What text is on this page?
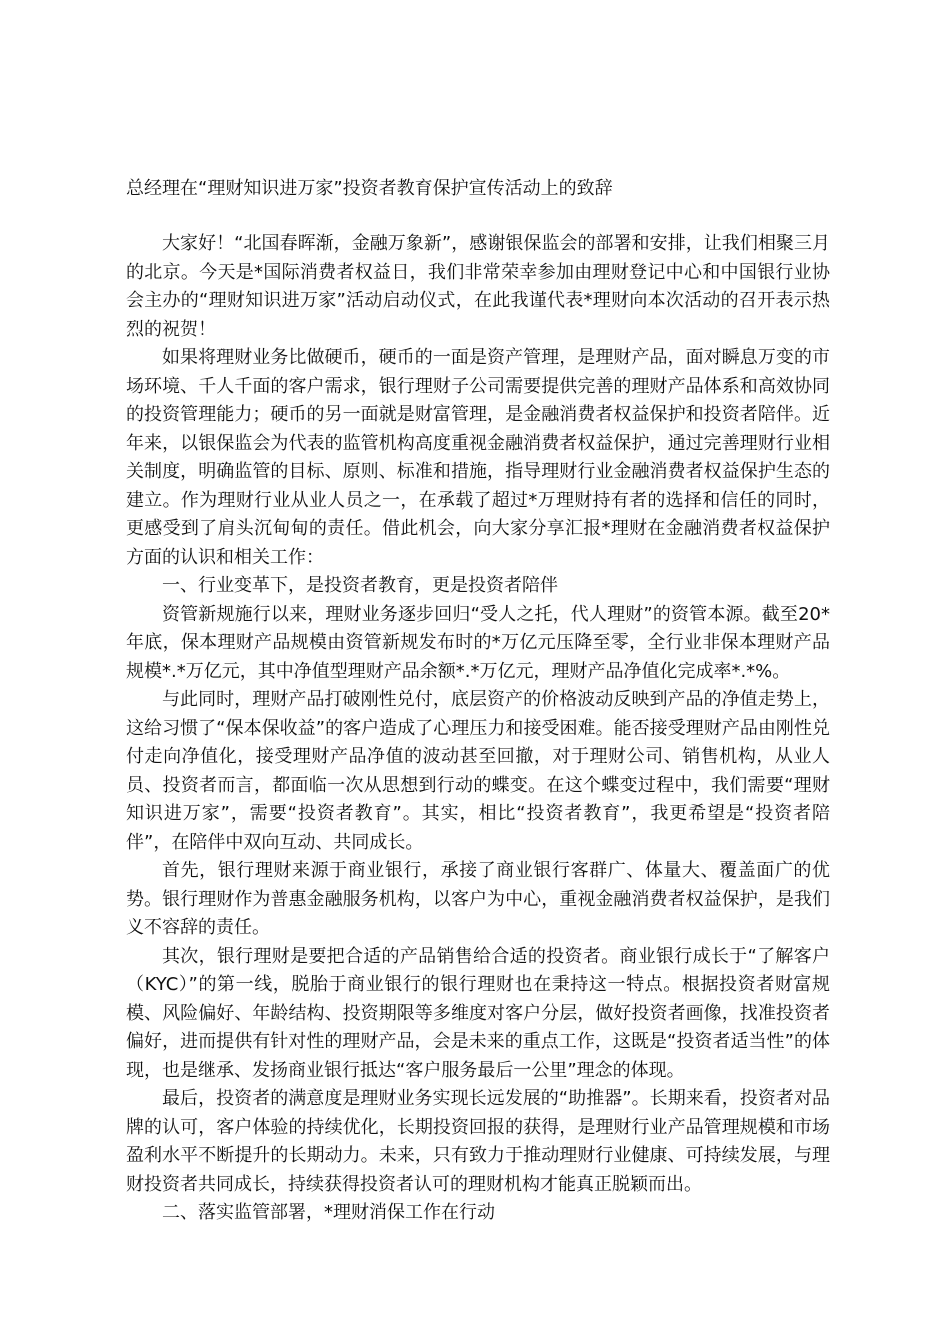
总经理在“理财知识进万家”投资者教育保护宣传活动上的致辞

大家好！“北国春晖渐，金融万象新”，感谢银保监会的部署和安排，让我们相聚三月的北京。今天是*国际消费者权益日，我们非常荣幸参加由理财登记中心和中国银行业协会主办的“理财知识进万家”活动启动仪式，在此我谨代表*理财向本次活动的召开表示热烈的祝贺！

如果将理财业务比做硬币，硬币的一面是资产管理，是理财产品，面对瞬息万变的市场环境、千人千面的客户需求，银行理财子公司需要提供完善的理财产品体系和高效协同的投资管理能力；硬币的另一面就是财富管理，是金融消费者权益保护和投资者陪伴。近年来，以银保监会为代表的监管机构高度重视金融消费者权益保护，通过完善理财行业相关制度，明确监管的目标、原则、标准和措施，指导理财行业金融消费者权益保护生态的建立。作为理财行业从业人员之一，在承载了超过*万理财持有者的选择和信任的同时，更感受到了肩头沉甸甸的责任。借此机会，向大家分享汇报*理财在金融消费者权益保护方面的认识和相关工作：

一、行业变革下，是投资者教育，更是投资者陪伴

资管新规施行以来，理财业务逐步回归“受人之托，代人理财”的资管本源。截至20*年底，保本理财产品规模由资管新规发布时的*万亿元压降至零，全行业非保本理财产品规模*.*万亿元，其中净值型理财产品余额*.*万亿元，理财产品净值化完成率*.*%。

与此同时，理财产品打破刚性兑付，底层资产的价格波动反映到产品的净值走势上，这给习惯了“保本保收益”的客户造成了心理压力和接受困难。能否接受理财产品由刚性兑付走向净值化，接受理财产品净值的波动甚至回撤，对于理财公司、销售机构，从业人员、投资者而言，都面临一次从思想到行动的蝶变。在这个蝶变过程中，我们需要“理财知识进万家”，需要“投资者教育”。其实，相比“投资者教育”，我更希望是“投资者陪伴”，在陪伴中双向互动、共同成长。

首先，银行理财来源于商业银行，承接了商业银行客群广、体量大、覆盖面广的优势。银行理财作为普惠金融服务机构，以客户为中心，重视金融消费者权益保护，是我们义不容辞的责任。

其次，银行理财是要把合适的产品销售给合适的投资者。商业银行成长于“了解客户（KYC）”的第一线，脱胎于商业银行的银行理财也在秉持这一特点。根据投资者财富规模、风险偏好、年龄结构、投资期限等多维度对客户分层，做好投资者画像，找准投资者偏好，进而提供有针对性的理财产品，会是未来的重点工作，这既是“投资者适当性”的体现，也是继承、发扬商业银行抵达“客户服务最后一公里”理念的体现。

最后，投资者的满意度是理财业务实现长远发展的“助推器”。长期来看，投资者对品牌的认可，客户体验的持续优化，长期投资回报的获得，是理财行业产品管理规模和市场盈利水平不断提升的长期动力。未来，只有致力于推动理财行业健康、可持续发展，与理财投资者共同成长，持续获得投资者认可的理财机构才能真正脱颖而出。

二、落实监管部署，*理财消保工作在行动
